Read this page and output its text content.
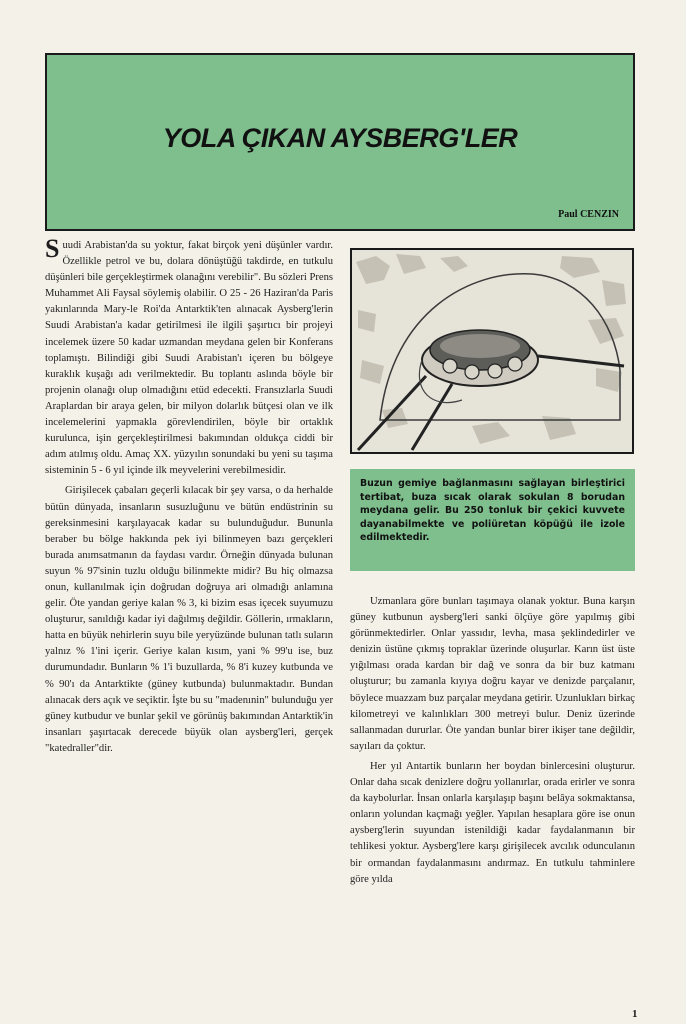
YOLA ÇIKAN AYSBERG'LER
Paul CENZIN

Suudi Arabistan'da su yoktur, fakat birçok yeni düşünler vardır. Özellikle petrol ve bu, dolara dönüştüğü takdirde, en tutkulu düşünleri bile gerçekleştirmek olanağını verebilir". Bu sözleri Prens Muhammet Ali Faysal söylemiş olabilir. O 25 - 26 Haziran'da Paris yakınlarında Mary-le Roi'da Antarktik'ten alınacak Aysberg'lerin Suudi Arabistan'a kadar getirilmesi ile ilgili şaşırtıcı bir projeyi incelemek üzere 50 kadar uzmandan meydana gelen bir Konferans toplamıştı. Bilindiği gibi Suudi Arabistan'ı içeren bu bölgeye kuraklık kuşağı adı verilmektedir. Bu toplantı aslında böyle bir projenin olanağı olup olmadığını etüd edecekti. Fransızlarla Suudi Araplardan bir araya gelen, bir milyon dolarlık bütçesi olan ve ilk incelemelerini yapmakla görevlendirilen, böyle bir ortaklık kurulunca, işin gerçekleştirilmesi bakımından oldukça ciddi bir adım atılmış oldu. Amaç XX. yüzyılın sonundaki bu yeni su taşıma sisteminin 5 - 6 yıl içinde ilk meyvelerini verebilmesidir.

Girişilecek çabaları geçerli kılacak bir şey varsa, o da herhalde bütün dünyada, insanların susuzluğunu ve bütün endüstrinin su gereksinmesini karşılayacak kadar su bulunduğudur. Bununla beraber bu bölge hakkında pek iyi bilinmeyen bazı gerçekleri burada anımsatmanın da faydası vardır. Örneğin dünyada bulunan suyun % 97'sinin tuzlu olduğu bilinmekte midir? Bu hiç olmazsa onun, kullanılmak için doğrudan doğruya ari olmadığı anlamına gelir. Öte yandan geriye kalan % 3, ki bizim esas içecek suyumuzu oluşturur, sanıldığı kadar iyi dağılmış değildir. Göllerin, ırmakların, hatta en büyük nehirlerin suyu bile yeryüzünde bulunan tatlı suların yalnız % 1'ini içerir. Geriye kalan kısım, yani % 99'u ise, buz durumundadır. Bunların % 1'i buzullarda, % 8'i kuzey kutbunda ve % 90'ı da Antarktikte (güney kutbunda) bulunmaktadır. Bundan alınacak ders açık ve seçiktir. İşte bu su "madenınin" bulunduğu yer güney kutbudur ve bunlar şekil ve görünüş bakımından Antarktik'in insanları şaşırtacak derecede büyük olan aysberg'leri, gerçek "katedraller"dir.

Buzun gemiye bağlanmasını sağlayan birleştirici tertibat, buza sıcak olarak sokulan 8 borudan meydana gelir. Bu 250 tonluk bir çekici kuvvete dayanabilmekte ve poliüretan köpüğü ile izole edilmektedir.

Uzmanlara göre bunları taşımaya olanak yoktur. Buna karşın güney kutbunun aysberg'leri sanki ölçüye göre yapılmış gibi görünmektedirler. Onlar yassıdır, levha, masa şeklindedirler ve denizin üstüne çıkmış topraklar üzerinde oluşurlar. Karın üst üste yığılması orada kardan bir dağ ve sonra da bir buz katmanı oluşturur; bu zamanla kıyıya doğru kayar ve denizde parçalanır, böylece muazzam buz parçalar meydana getirir. Uzunlukları birkaç kilometreyi ve kalınlıkları 300 metreyi bulur. Deniz üzerinde sallanmadan dururlar. Öte yandan bunlar birer ikişer tane değildir, sayıları da çoktur.

Her yıl Antartik bunların her boydan binlercesini oluşturur. Onlar daha sıcak denizlere doğru yollanırlar, orada erirler ve sonra da kaybolurlar. İnsan onlarla karşılaşıp başını belâya sokmaktansa, onların yolundan kaçmağı yeğler. Yapılan hesaplara göre ise onun aysberg'lerin suyundan istenildiği kadar faydalanmanın bir tehlikesi yoktur. Aysberg'lere karşı girişilecek avcılık odunculanın bir ormandan faydalanmasını andırmaz. En tutkulu tahminlere göre yılda

1
